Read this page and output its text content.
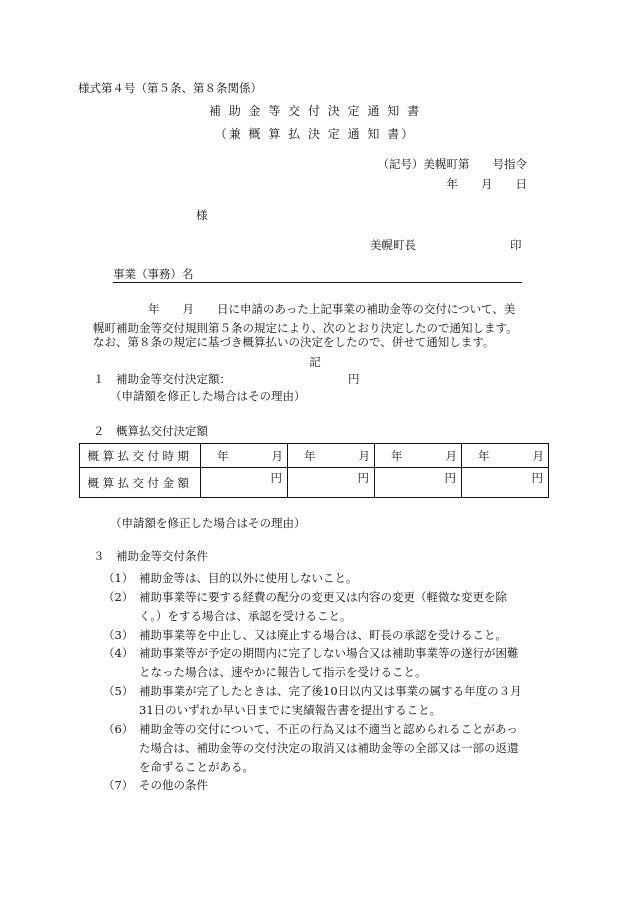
様式第４号（第５条、第８条関係）
補 助 金 等 交 付 決 定 通 知 書
（兼 概 算 払 決 定 通 知 書）
（記号）美幌町第　　号指令
年　　月　　日
様
美幌町長	印
事業（事務）名
年　　月　　日に申請のあった上記事業の補助金等の交付について、美幌町補助金等交付規則第５条の規定により、次のとおり決定したので通知します。
なお、第８条の規定に基づき概算払いの決定をしたので、併せて通知します。
記
１　補助金等交付決定額：	円
（申請額を修正した場合はその理由）
２　概算払交付決定額
概算払交付時期	年 月	年 月	年 月	年 月

概算払交付金額	円	円	円	円
（申請額を修正した場合はその理由）
３　補助金等交付条件
（1） 補助金等は、目的以外に使用しないこと。
（2） 補助事業等に要する経費の配分の変更又は内容の変更（軽微な変更を除く。）をする場合は、承認を受けること。
（3） 補助事業等を中止し、又は廃止する場合は、町長の承認を受けること。
（4） 補助事業等が予定の期間内に完了しない場合又は補助事業等の遂行が困難となった場合は、速やかに報告して指示を受けること。
（5） 補助事業が完了したときは、完了後10日以内又は事業の属する年度の３月31日のいずれか早い日までに実績報告書を提出すること。
（6） 補助金等の交付について、不正の行為又は不適当と認められることがあった場合は、補助金等の交付決定の取消又は補助金等の全部又は一部の返還を命ずることがある。
（7） その他の条件
